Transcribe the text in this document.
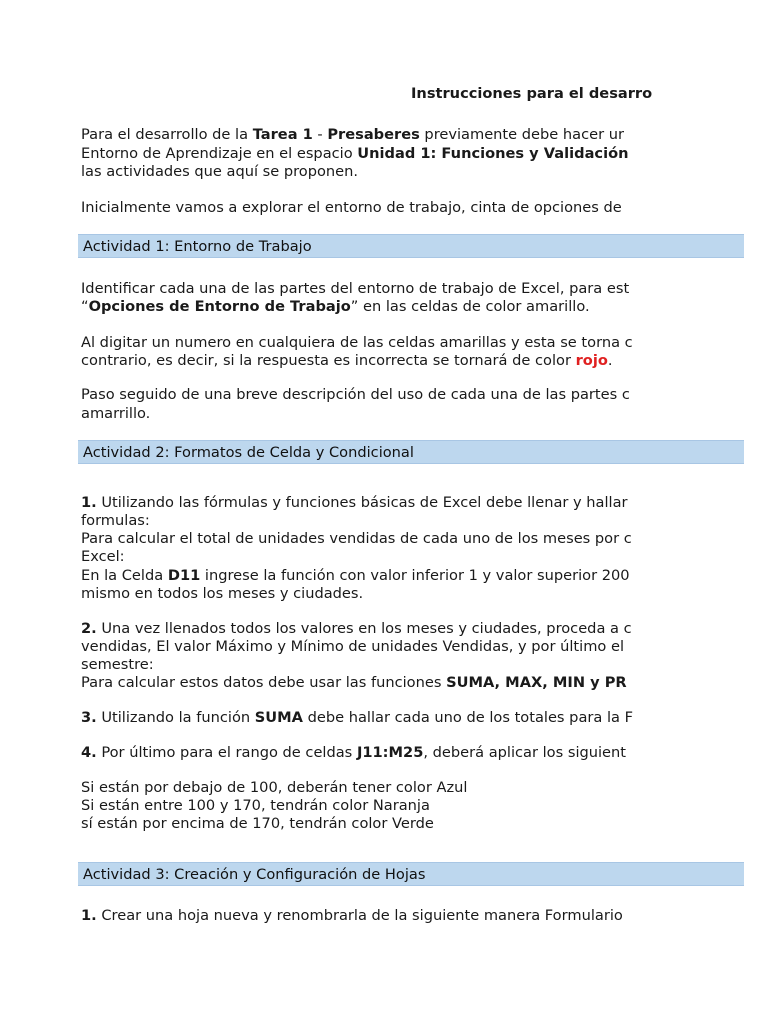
Instrucciones para el desarro
Para el desarrollo de la Tarea 1 - Presaberes previamente debe hacer ur
Entorno de Aprendizaje en el espacio Unidad 1: Funciones y Validación
las actividades que aquí se proponen.
Inicialmente vamos a explorar el entorno de trabajo, cinta de opciones de
Actividad 1: Entorno de Trabajo
Identificar cada una de las partes del entorno de trabajo de Excel, para est
“Opciones de Entorno de Trabajo” en las celdas de color amarillo.
Al digitar un numero en cualquiera de las celdas amarillas y esta se torna c
contrario, es decir, si la respuesta es incorrecta se tornará de color rojo.
Paso seguido de una breve descripción del uso de cada una de las partes c
amarrillo.
Actividad 2: Formatos de Celda y Condicional
1. Utilizando las fórmulas y funciones básicas de Excel debe llenar y hallar
formulas:
Para calcular el total de unidades vendidas de cada uno de los meses por c
Excel:
En la Celda D11 ingrese la función con valor inferior 1 y valor superior 200
mismo en todos los meses y ciudades.
2. Una vez llenados todos los valores en los meses y ciudades, proceda a c
vendidas, El valor Máximo y Mínimo de unidades Vendidas, y por último el
semestre:
Para calcular estos datos debe usar las funciones SUMA, MAX, MIN y PR
3. Utilizando la función SUMA debe hallar cada uno de los totales para la F
4. Por último para el rango de celdas J11:M25, deberá aplicar los siguient
Si están por debajo de 100, deberán tener color Azul
Si están entre 100 y 170, tendrán color Naranja
sí están por encima de 170, tendrán color Verde
Actividad 3: Creación y Configuración de Hojas
1. Crear una hoja nueva y renombrarla de la siguiente manera Formulario
